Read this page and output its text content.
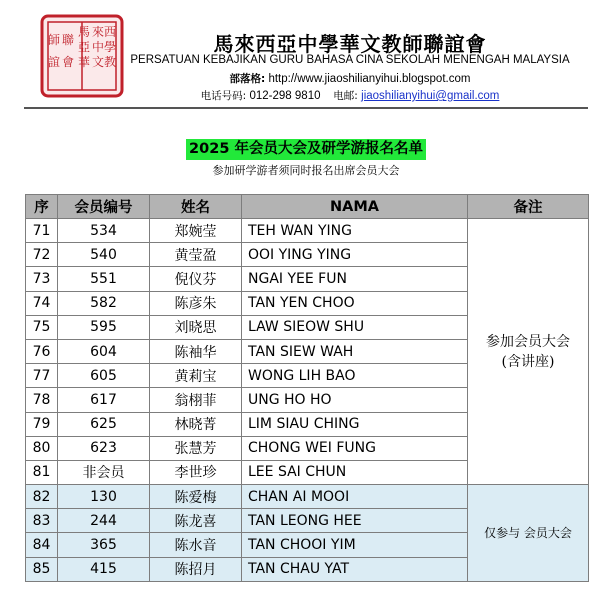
馬 來 西
亞 中 學
華 文 教
師 聯
誼 會
馬來西亞中學華文教師聯誼會
PERSATUAN KEBAJIKAN GURU BAHASA CINA SEKOLAH MENENGAH MALAYSIA
部落格: http://www.jiaoshilianyihui.blogspot.com
电话号码: 012-298 9810 电邮: jiaoshilianyihui@gmail.com
2025 年会员大会及研学游报名名单
参加研学游者须同时报名出席会员大会
序	会员编号	姓名	NAMA	备注
71	534	郑婉莹	TEH WAN YING	参加会员大会
(含讲座)

72	540	黄莹盈	OOI YING YING	
73	551	倪仪芬	NGAI YEE FUN	
74	582	陈彦朱	TAN YEN CHOO	
75	595	刘晓思	LAW SIEOW SHU	
76	604	陈袖华	TAN SIEW WAH	
77	605	黄莉宝	WONG LIH BAO	
78	617	翁栩菲	UNG HO HO	
79	625	林晓菁	LIM SIAU CHING	
80	623	张慧芳	CHONG WEI FUNG	
81	非会员	李世珍	LEE SAI CHUN	
82	130	陈爱梅	CHAN AI MOOI	仅参与 会员大会
83	244	陈龙喜	TAN LEONG HEE	
84	365	陈水音	TAN CHOOI YIM	
85	415	陈招月	TAN CHAU YAT	
